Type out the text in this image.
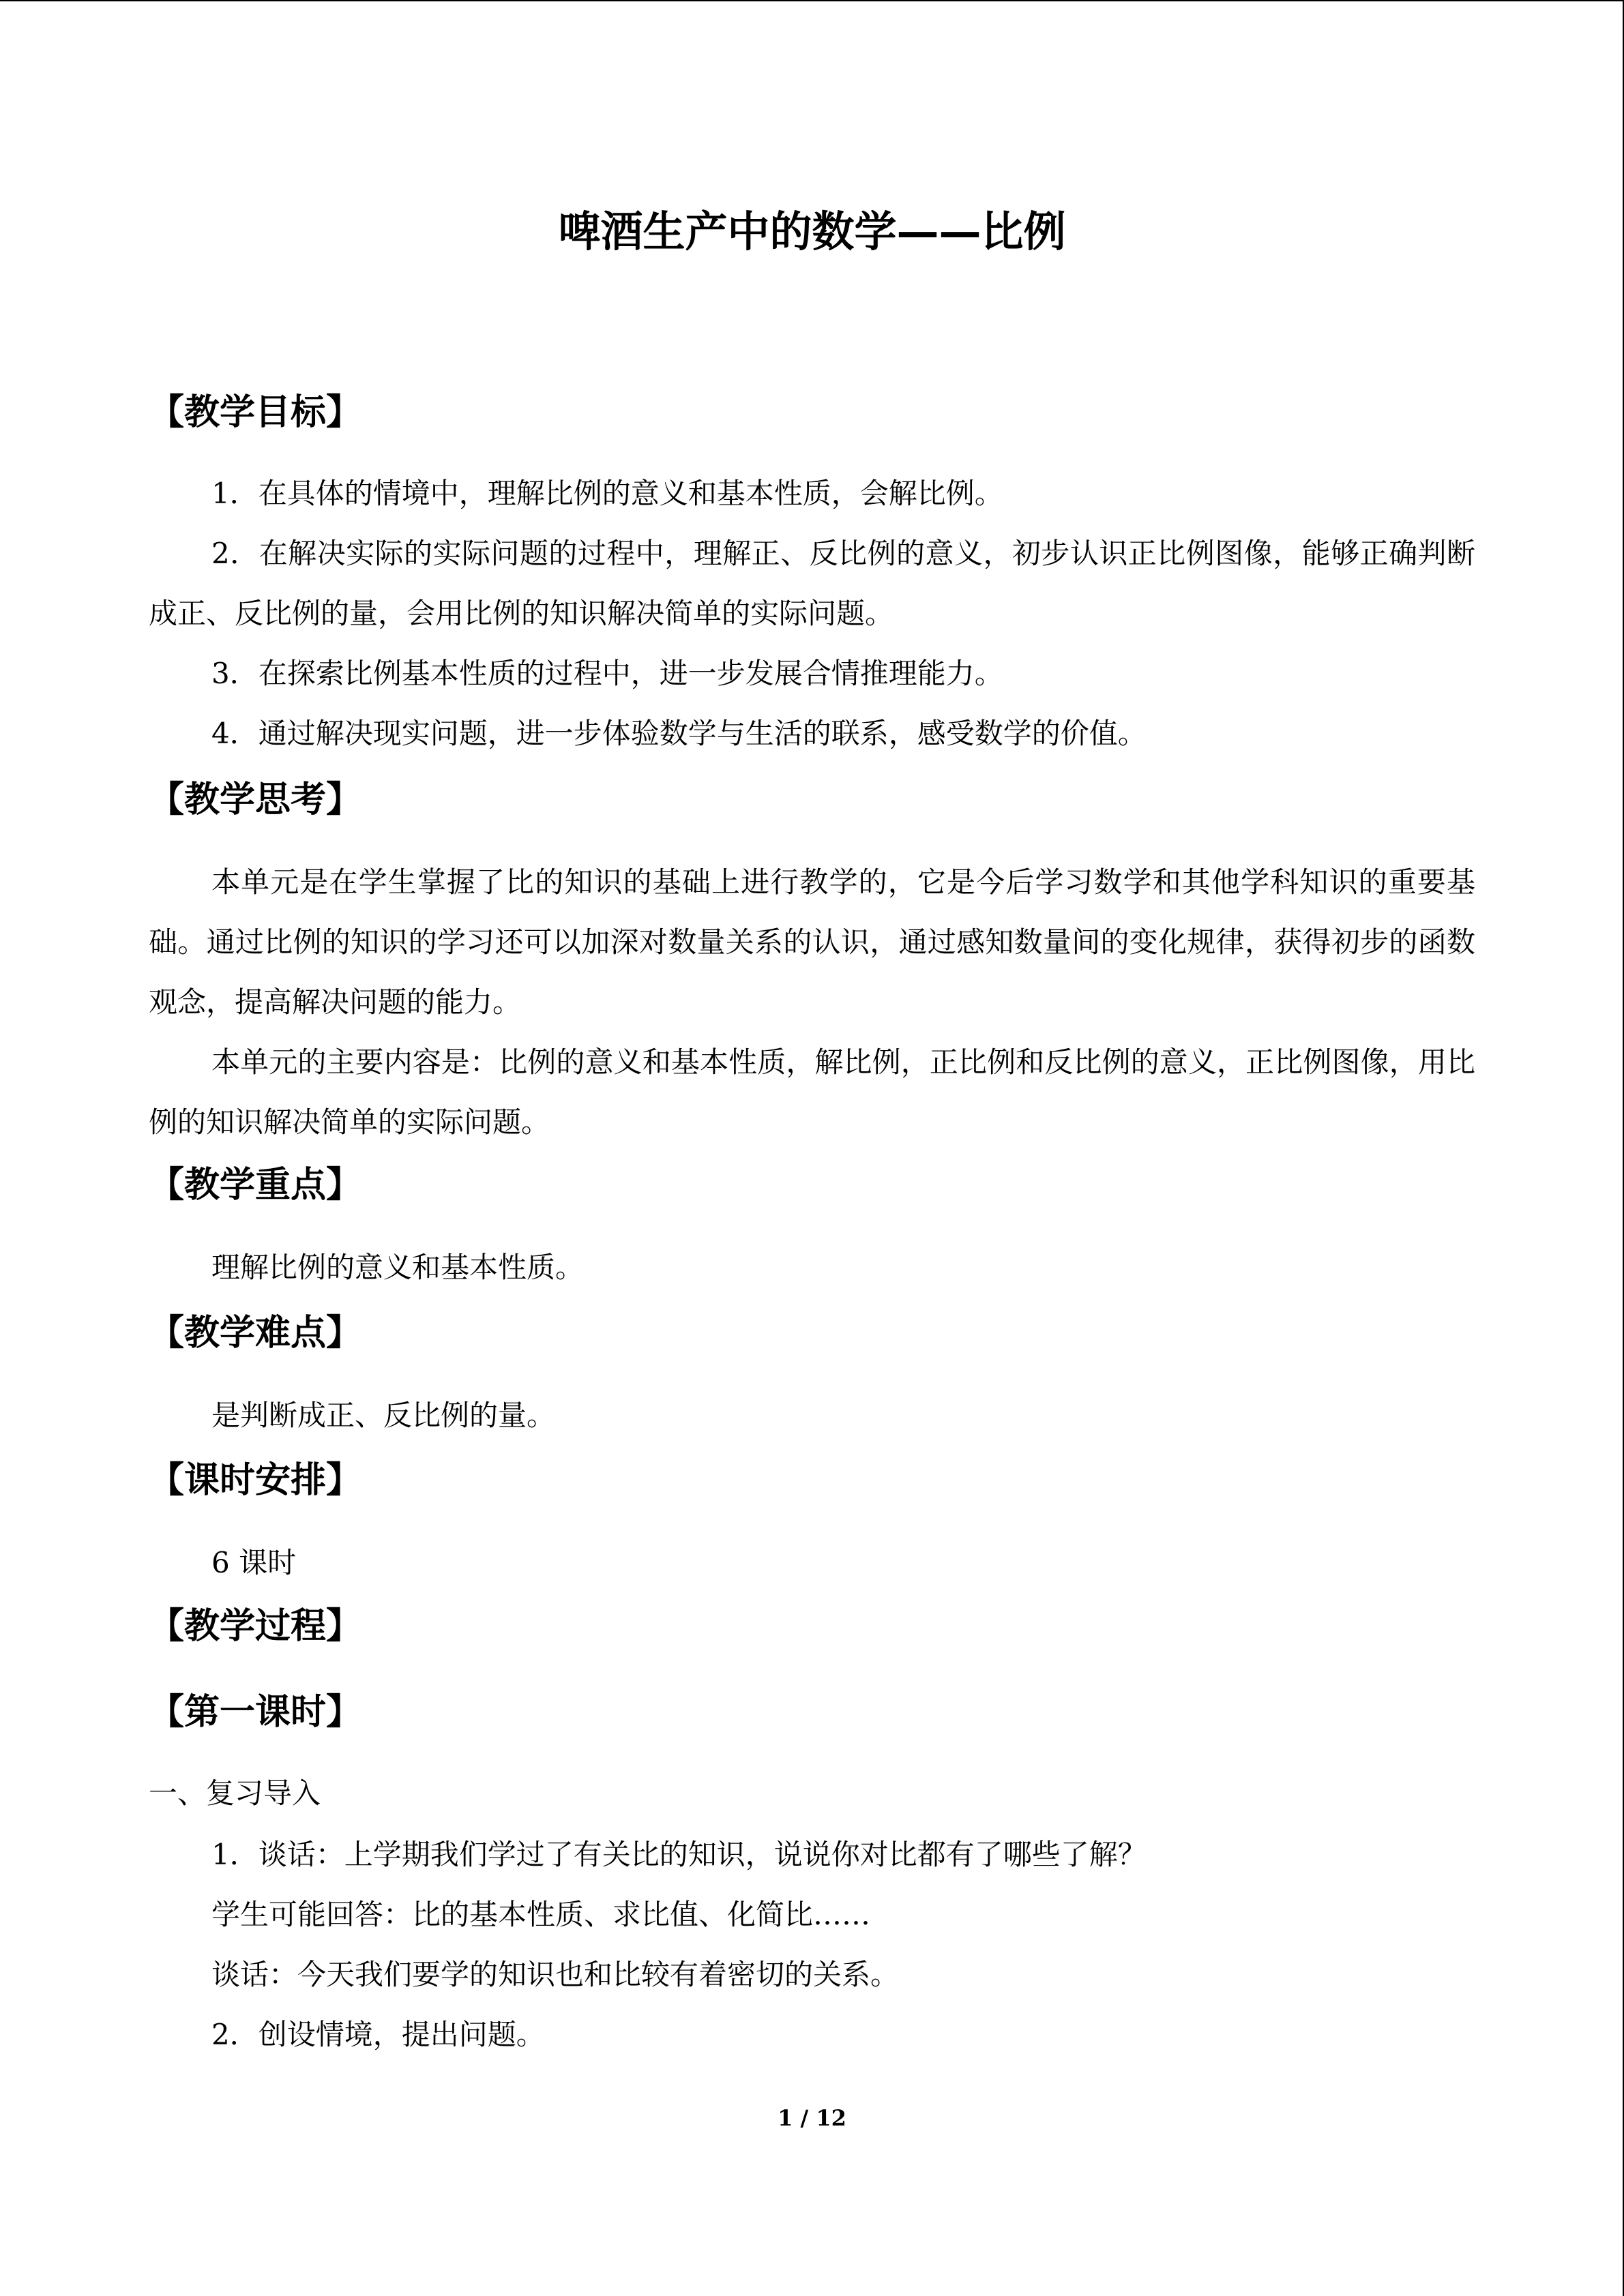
啤酒生产中的数学——比例
【教学目标】
1．在具体的情境中，理解比例的意义和基本性质，会解比例。
2．在解决实际的实际问题的过程中，理解正、反比例的意义，初步认识正比例图像，能够正确判断成正、反比例的量，会用比例的知识解决简单的实际问题。
3．在探索比例基本性质的过程中，进一步发展合情推理能力。
4．通过解决现实问题，进一步体验数学与生活的联系，感受数学的价值。
【教学思考】
本单元是在学生掌握了比的知识的基础上进行教学的，它是今后学习数学和其他学科知识的重要基础。通过比例的知识的学习还可以加深对数量关系的认识，通过感知数量间的变化规律，获得初步的函数观念，提高解决问题的能力。
本单元的主要内容是：比例的意义和基本性质，解比例，正比例和反比例的意义，正比例图像，用比例的知识解决简单的实际问题。
【教学重点】
理解比例的意义和基本性质。
【教学难点】
是判断成正、反比例的量。
【课时安排】
6 课时
【教学过程】
【第一课时】
一、复习导入
1．谈话：上学期我们学过了有关比的知识，说说你对比都有了哪些了解？
学生可能回答：比的基本性质、求比值、化简比……
谈话：今天我们要学的知识也和比较有着密切的关系。
2．创设情境，提出问题。
1 / 12
